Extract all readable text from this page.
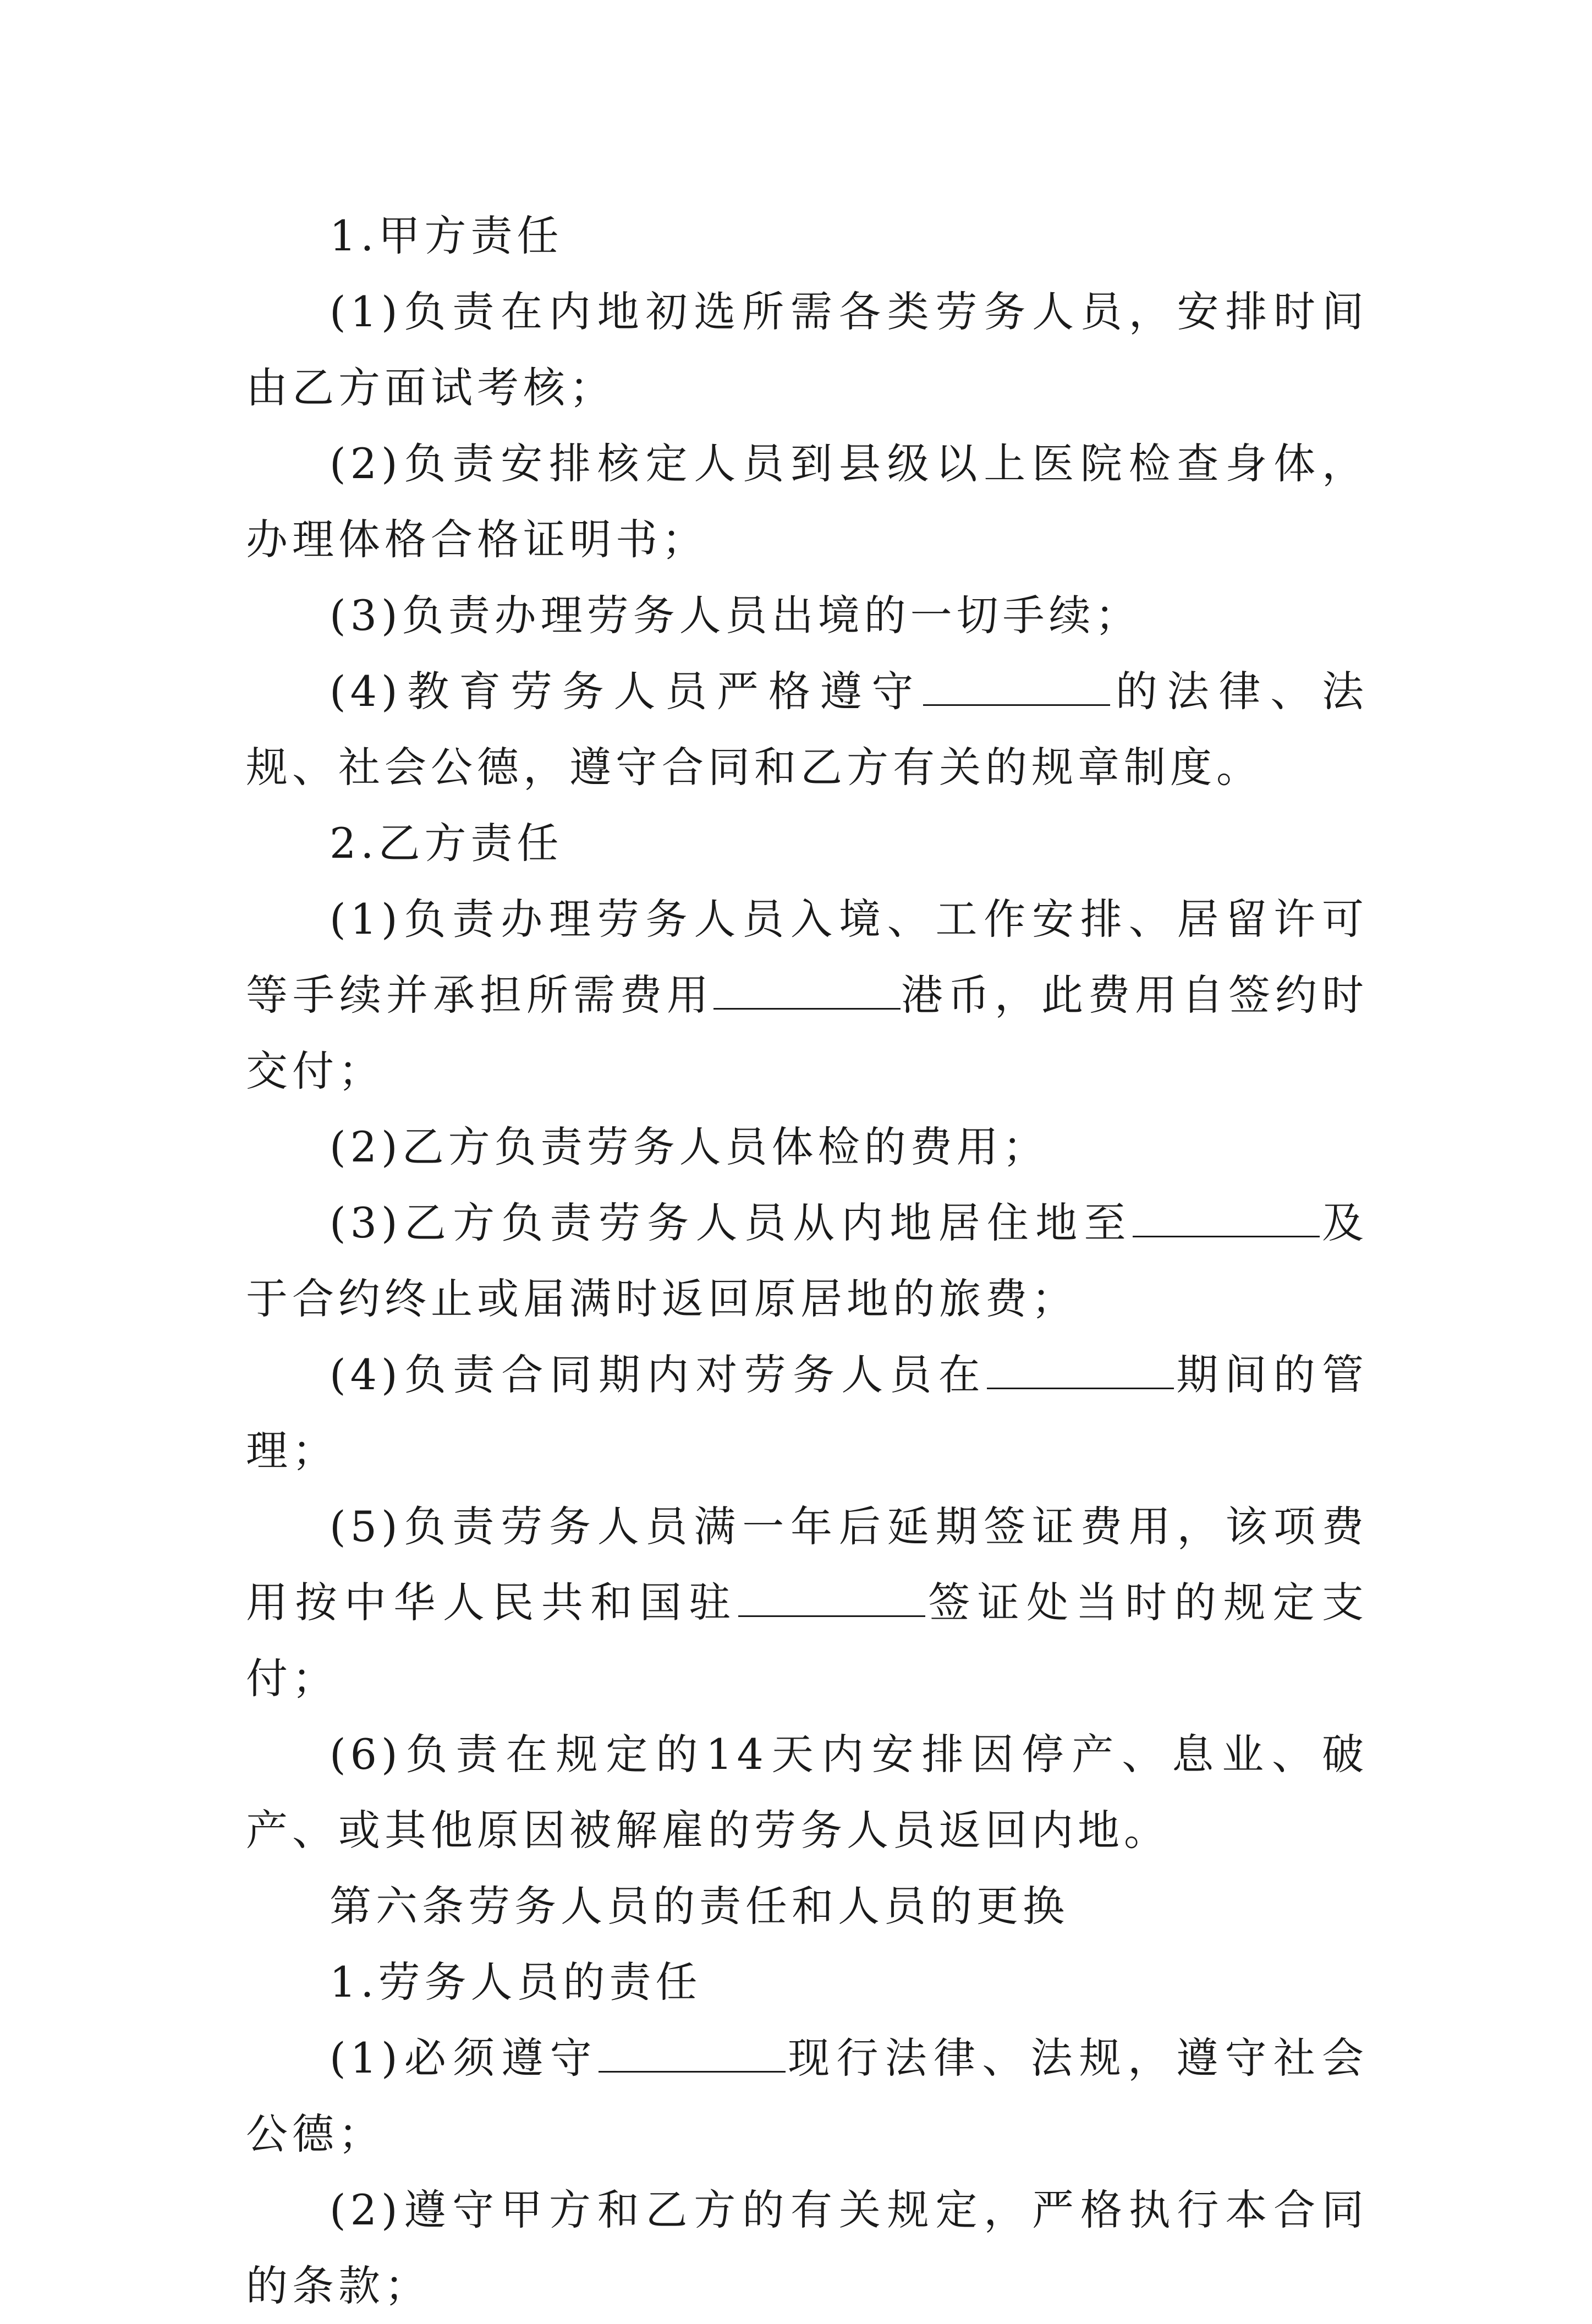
1.甲方责任

(1)负责在内地初选所需各类劳务人员，安排时间由乙方面试考核；

(2)负责安排核定人员到县级以上医院检查身体，办理体格合格证明书；

(3)负责办理劳务人员出境的一切手续；

(4)教育劳务人员严格遵守	的法律、法规、社会公德，遵守合同和乙方有关的规章制度。

2.乙方责任

(1)负责办理劳务人员入境、工作安排、居留许可等手续并承担所需费用	港币，此费用自签约时交付；

(2)乙方负责劳务人员体检的费用；

(3)乙方负责劳务人员从内地居住地至	及于合约终止或届满时返回原居地的旅费；

(4)负责合同期内对劳务人员在	期间的管理；

(5)负责劳务人员满一年后延期签证费用，该项费用按中华人民共和国驻	签证处当时的规定支付；

(6)负责在规定的14天内安排因停产、息业、破产、或其他原因被解雇的劳务人员返回内地。

第六条劳务人员的责任和人员的更换

1.劳务人员的责任

(1)必须遵守	现行法律、法规，遵守社会公德；

(2)遵守甲方和乙方的有关规定，严格执行本合同的条款；
